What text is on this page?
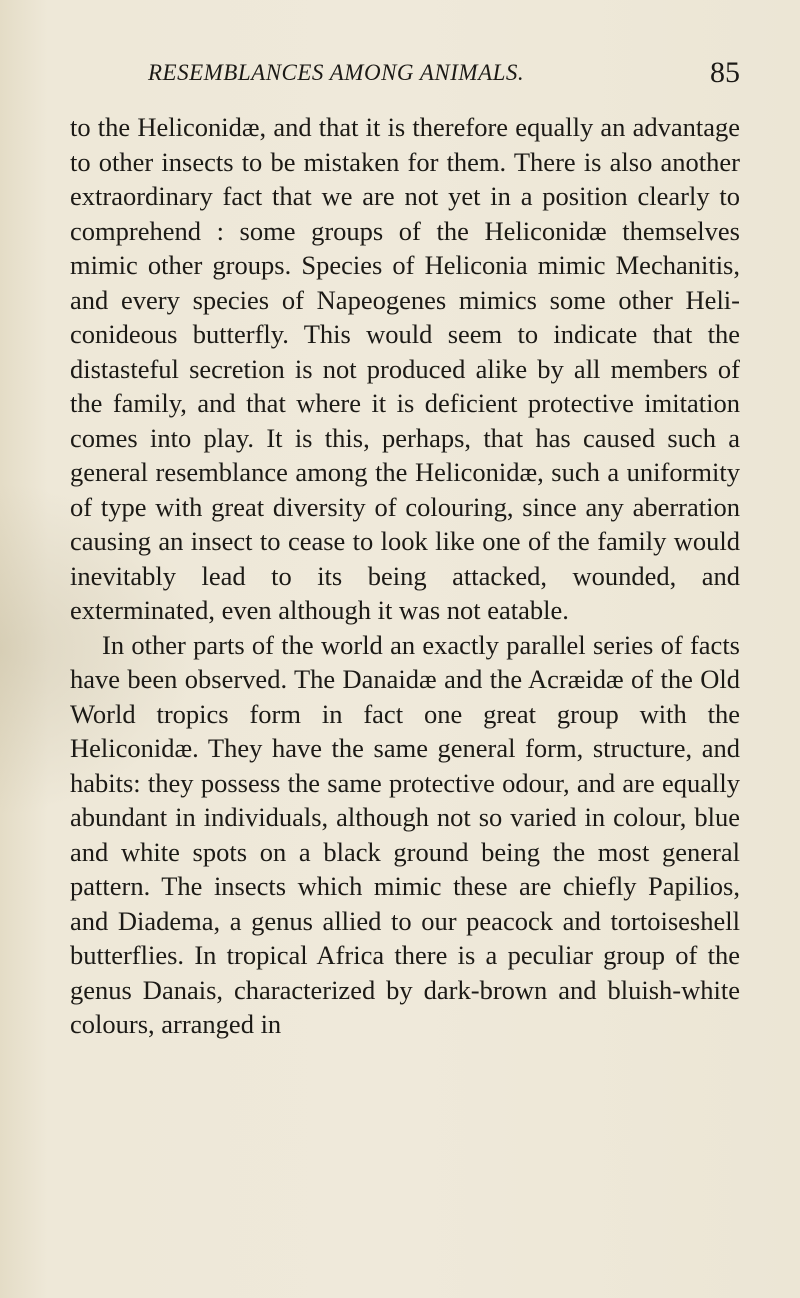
RESEMBLANCES AMONG ANIMALS.	85

to the Heliconidæ, and that it is therefore equally an advantage to other insects to be mistaken for them. There is also another extraordinary fact that we are not yet in a position clearly to comprehend : some groups of the Heliconidæ themselves mimic other groups. Species of Heliconia mimic Mechanitis, and every species of Napeogenes mimics some other Heliconideous butterfly. This would seem to indicate that the distasteful secretion is not produced alike by all members of the family, and that where it is deficient protective imitation comes into play. It is this, perhaps, that has caused such a general resemblance among the Heliconidæ, such a uniformity of type with great diversity of colouring, since any aberration causing an insect to cease to look like one of the family would inevitably lead to its being attacked, wounded, and exterminated, even although it was not eatable.

In other parts of the world an exactly parallel series of facts have been observed. The Danaidæ and the Acræidæ of the Old World tropics form in fact one great group with the Heliconidæ. They have the same general form, structure, and habits: they possess the same protective odour, and are equally abundant in individuals, although not so varied in colour, blue and white spots on a black ground being the most general pattern. The insects which mimic these are chiefly Papilios, and Diadema, a genus allied to our peacock and tortoiseshell butterflies. In tropical Africa there is a peculiar group of the genus Danais, characterized by dark-brown and bluish-white colours, arranged in
